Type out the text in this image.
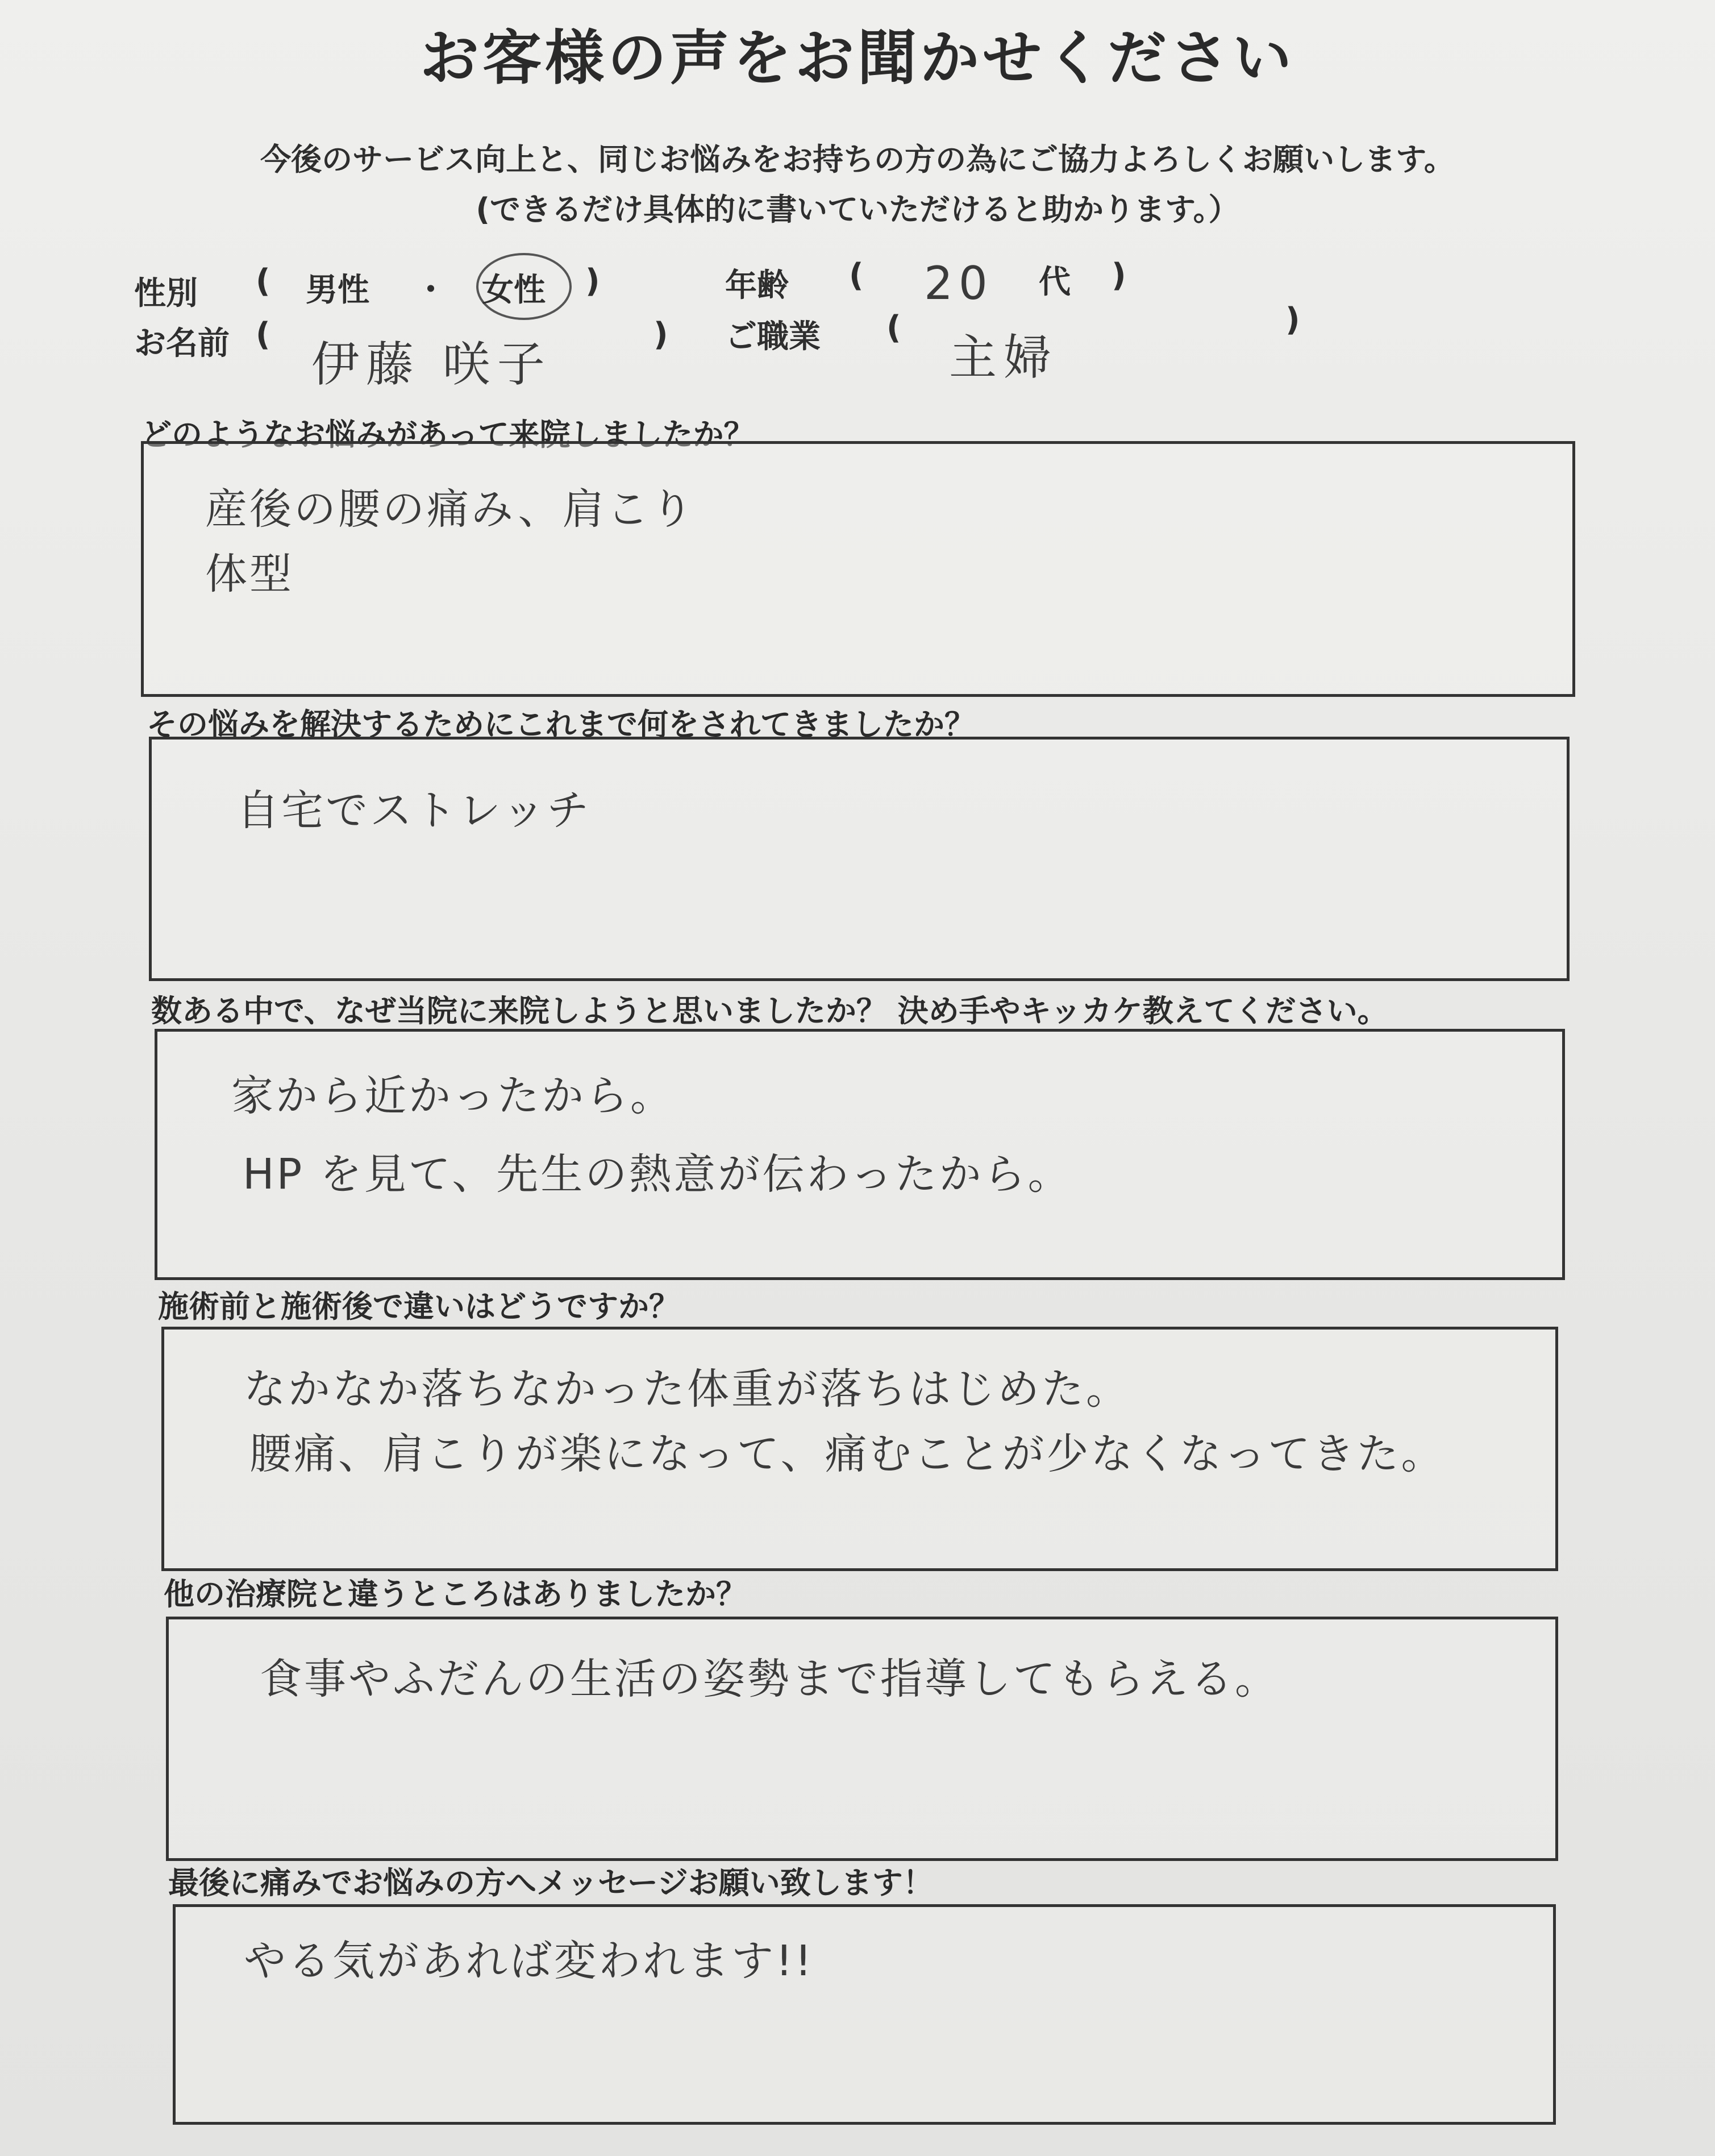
お客様の声をお聞かせください
今後のサービス向上と、同じお悩みをお持ちの方の為にご協力よろしくお願いします。
(できるだけ具体的に書いていただけると助かります。）
性別 ( 男性 ・ 女性 )	年齢 ( 20 代 )
お名前 (
伊藤 咲子
) ご職業 (
主婦
)
どのようなお悩みがあって来院しましたか？
産後の腰の痛み、肩こり
体型
その悩みを解決するためにこれまで何をされてきましたか？
自宅でストレッチ
数ある中で、なぜ当院に来院しようと思いましたか？ 決め手やキッカケ教えてください。
家から近かったから。
HP を見て、先生の熱意が伝わったから。
施術前と施術後で違いはどうですか？
なかなか落ちなかった体重が落ちはじめた。
腰痛、肩こりが楽になって、痛むことが少なくなってきた。
他の治療院と違うところはありましたか？
食事やふだんの生活の姿勢まで指導してもらえる。
最後に痛みでお悩みの方へメッセージお願い致します！
やる気があれば変われます!!
